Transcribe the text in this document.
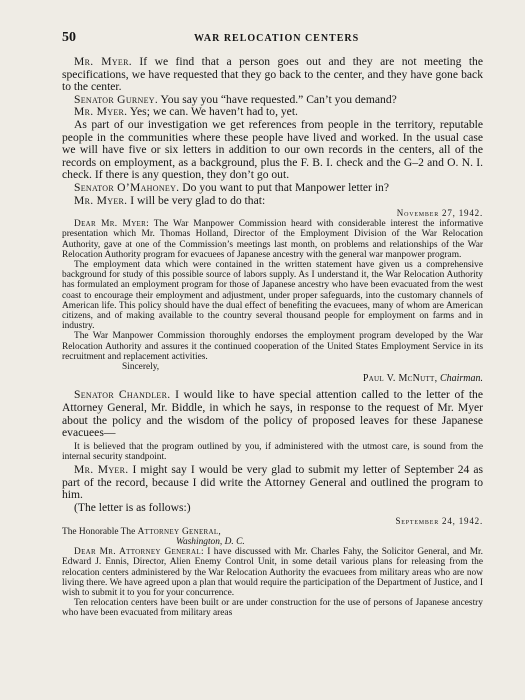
50	WAR RELOCATION CENTERS

Mr. Myer. If we find that a person goes out and they are not meeting the specifications, we have requested that they go back to the center, and they have gone back to the center.

Senator Gurney. You say you “have requested.” Can’t you demand?

Mr. Myer. Yes; we can. We haven’t had to, yet.

As part of our investigation we get references from people in the territory, reputable people in the communities where these people have lived and worked. In the usual case we will have five or six letters in addition to our own records in the centers, all of the records on employment, as a background, plus the F. B. I. check and the G–2 and O. N. I. check. If there is any question, they don’t go out.

Senator O’Mahoney. Do you want to put that Manpower letter in?

Mr. Myer. I will be very glad to do that:

November 27, 1942.

Dear Mr. Myer: The War Manpower Commission heard with considerable interest the informative presentation which Mr. Thomas Holland, Director of the Employment Division of the War Relocation Authority, gave at one of the Commission’s meetings last month, on problems and relationships of the War Relocation Authority program for evacuees of Japanese ancestry with the general war manpower program.

The employment data which were contained in the written statement have given us a comprehensive background for study of this possible source of labors supply. As I understand it, the War Relocation Authority has formulated an employment program for those of Japanese ancestry who have been evacuated from the west coast to encourage their employment and adjustment, under proper safeguards, into the customary channels of American life. This policy should have the dual effect of benefiting the evacuees, many of whom are American citizens, and of making available to the country several thousand people for employment on farms and in industry.

The War Manpower Commission thoroughly endorses the employment program developed by the War Relocation Authority and assures it the continued cooperation of the United States Employment Service in its recruitment and replacement activities.

Sincerely,
Paul V. McNutt, Chairman.

Senator Chandler. I would like to have special attention called to the letter of the Attorney General, Mr. Biddle, in which he says, in response to the request of Mr. Myer about the policy and the wisdom of the policy of proposed leaves for these Japanese evacuees—

It is believed that the program outlined by you, if administered with the utmost care, is sound from the internal security standpoint.

Mr. Myer. I might say I would be very glad to submit my letter of September 24 as part of the record, because I did write the Attorney General and outlined the program to him.

(The letter is as follows:)

September 24, 1942.

The Honorable The Attorney General,

Washington, D. C.

Dear Mr. Attorney General: I have discussed with Mr. Charles Fahy, the Solicitor General, and Mr. Edward J. Ennis, Director, Alien Enemy Control Unit, in some detail various plans for releasing from the relocation centers administered by the War Relocation Authority the evacuees from military areas who are now living there. We have agreed upon a plan that would require the participation of the Department of Justice, and I wish to submit it to you for your concurrence.

Ten relocation centers have been built or are under construction for the use of persons of Japanese ancestry who have been evacuated from military areas
